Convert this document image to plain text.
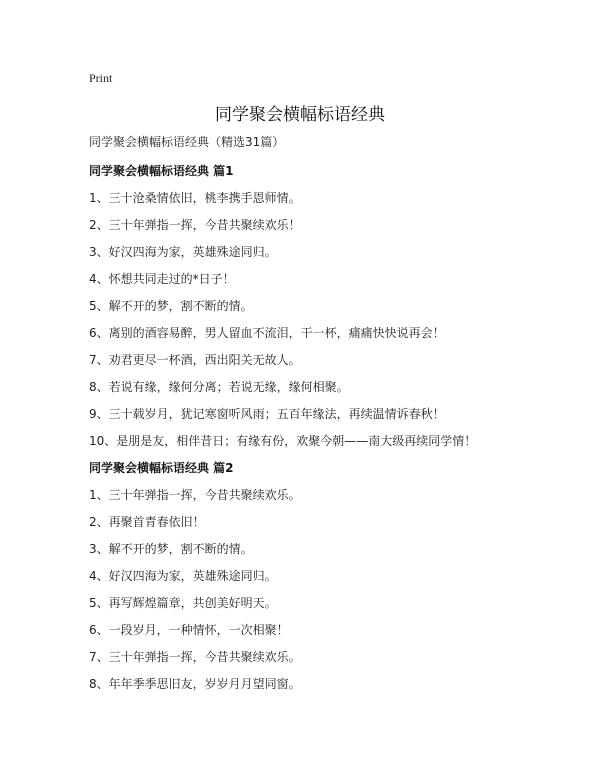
Print
同学聚会横幅标语经典
同学聚会横幅标语经典（精选31篇）
同学聚会横幅标语经典 篇1
1、三十沧桑情依旧，桃李携手恩师情。
2、三十年弹指一挥，今昔共聚续欢乐！
3、好汉四海为家，英雄殊途同归。
4、怀想共同走过的*日子！
5、解不开的梦，割不断的情。
6、离别的酒容易醉，男人留血不流泪，干一杯，痛痛快快说再会！
7、劝君更尽一杯酒，西出阳关无故人。
8、若说有缘，缘何分离；若说无缘，缘何相聚。
9、三十载岁月，犹记寒窗听风雨；五百年缘法，再续温情诉春秋！
10、是朋是友，相伴昔日；有缘有份，欢聚今朝——南大级再续同学情！
同学聚会横幅标语经典 篇2
1、三十年弹指一挥，今昔共聚续欢乐。
2、再聚首青春依旧！
3、解不开的梦，割不断的情。
4、好汉四海为家，英雄殊途同归。
5、再写辉煌篇章，共创美好明天。
6、一段岁月，一种情怀，一次相聚！
7、三十年弹指一挥，今昔共聚续欢乐。
8、年年季季思旧友，岁岁月月望同窗。
